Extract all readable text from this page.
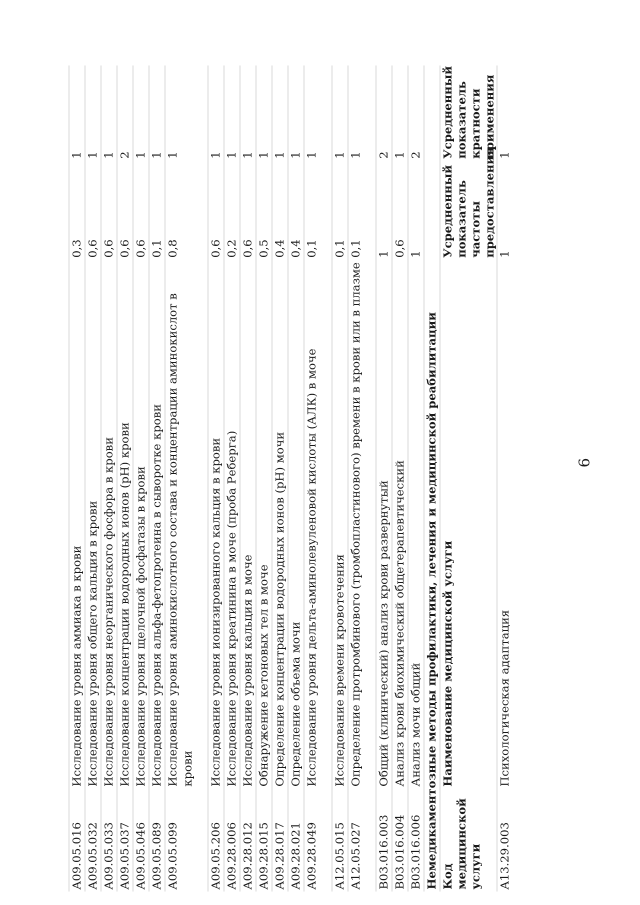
6
A09.05.016	Исследование уровня аммиака в крови	0,3	1
A09.05.032	Исследование уровня общего кальция в крови	0,6	1
A09.05.033	Исследование уровня неорганического фосфора в крови	0,6	1
A09.05.037	Исследование концентрации водородных ионов (pH) крови	0,6	2
A09.05.046	Исследование уровня щелочной фосфатазы в крови	0,6	1
A09.05.089	Исследование уровня альфа-фетопротеина в сыворотке крови	0,1	1
A09.05.099	Исследование уровня аминокислотного состава и концентрации аминокислот в крови	0,8	1

A09.05.206	Исследование уровня ионизированного кальция в крови	0,6	1
A09.28.006	Исследование уровня креатинина в моче (проба Реберга)	0,2	1
A09.28.012	Исследование уровня кальция в моче	0,6	1
A09.28.015	Обнаружение кетоновых тел в моче	0,5	1
A09.28.017	Определение концентрации водородных ионов (pH) мочи	0,4	1
A09.28.021	Определение объема мочи	0,4	1
A09.28.049	Исследование уровня дельта-аминолевуленовой кислоты (АЛК) в моче	0,1	1

A12.05.015	Исследование времени кровотечения	0,1	1
A12.05.027	Определение протромбинового (тромбопластинового) времени в крови или в плазме	0,1	1

B03.016.003	Общий (клинический) анализ крови развернутый	1	2
B03.016.004	Анализ крови биохимический общетерапевтический	0,6	1
B03.016.006	Анализ мочи общий	1	2
Немедикаментозные методы профилактики, лечения и медицинской реабилитации			
Код медицинской услуги	Наименование медицинской услуги	Усредненный показатель частоты предоставления	Усредненный показатель кратности применения
A13.29.003	Психологическая адаптация	1	1
